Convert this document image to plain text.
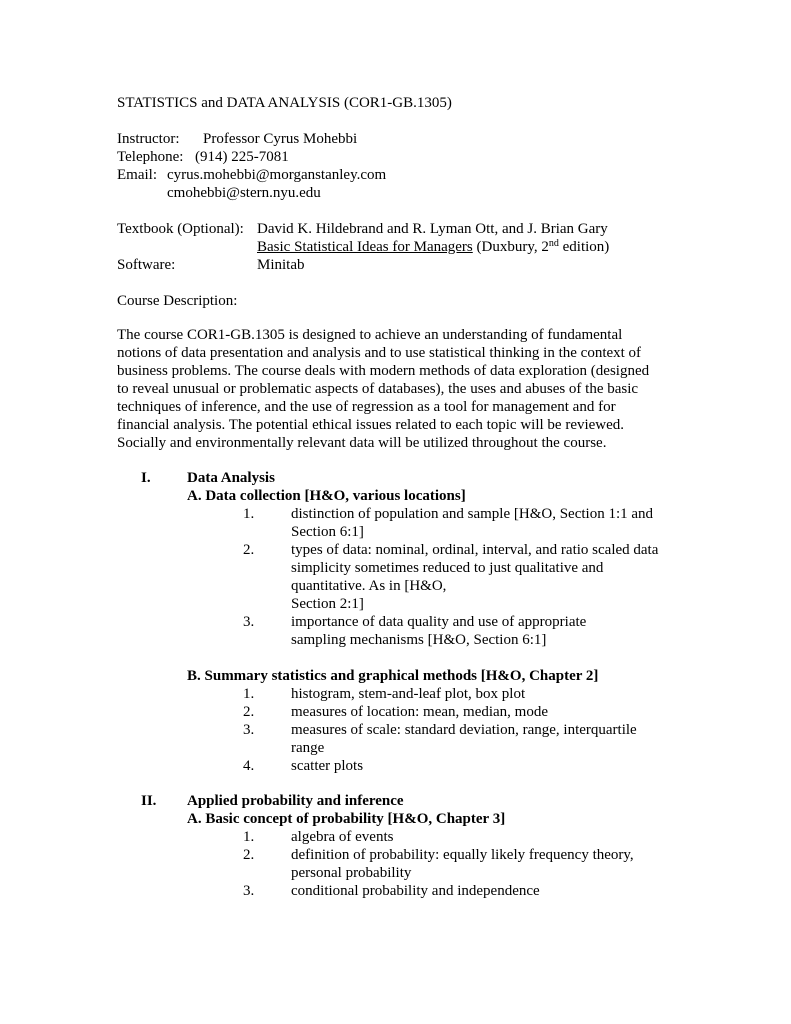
STATISTICS and DATA ANALYSIS (COR1-GB.1305)
Instructor: Professor Cyrus Mohebbi
Telephone: (914) 225-7081
Email: cyrus.mohebbi@morganstanley.com
cmohebbi@stern.nyu.edu
Textbook (Optional): David K. Hildebrand and R. Lyman Ott, and J. Brian Gary
Basic Statistical Ideas for Managers (Duxbury, 2nd edition)
Software:	Minitab
Course Description:
The course COR1-GB.1305 is designed to achieve an understanding of fundamental
notions of data presentation and analysis and to use statistical thinking in the context of
business problems. The course deals with modern methods of data exploration (designed
to reveal unusual or problematic aspects of databases), the uses and abuses of the basic
techniques of inference, and the use of regression as a tool for management and for
financial analysis. The potential ethical issues related to each topic will be reviewed.
Socially and environmentally relevant data will be utilized throughout the course.
I. Data Analysis
A. Data collection [H&O, various locations]
1. distinction of population and sample [H&O, Section 1:1 and
Section 6:1]
2. types of data: nominal, ordinal, interval, and ratio scaled data
simplicity sometimes reduced to just qualitative and
quantitative. As in [H&O,
Section 2:1]
3. importance of data quality and use of appropriate
sampling mechanisms [H&O, Section 6:1]
B. Summary statistics and graphical methods [H&O, Chapter 2]
1. histogram, stem-and-leaf plot, box plot
2. measures of location: mean, median, mode
3. measures of scale: standard deviation, range, interquartile
range
4. scatter plots
II. Applied probability and inference
A. Basic concept of probability [H&O, Chapter 3]
1. algebra of events
2. definition of probability: equally likely frequency theory,
personal probability
3. conditional probability and independence
